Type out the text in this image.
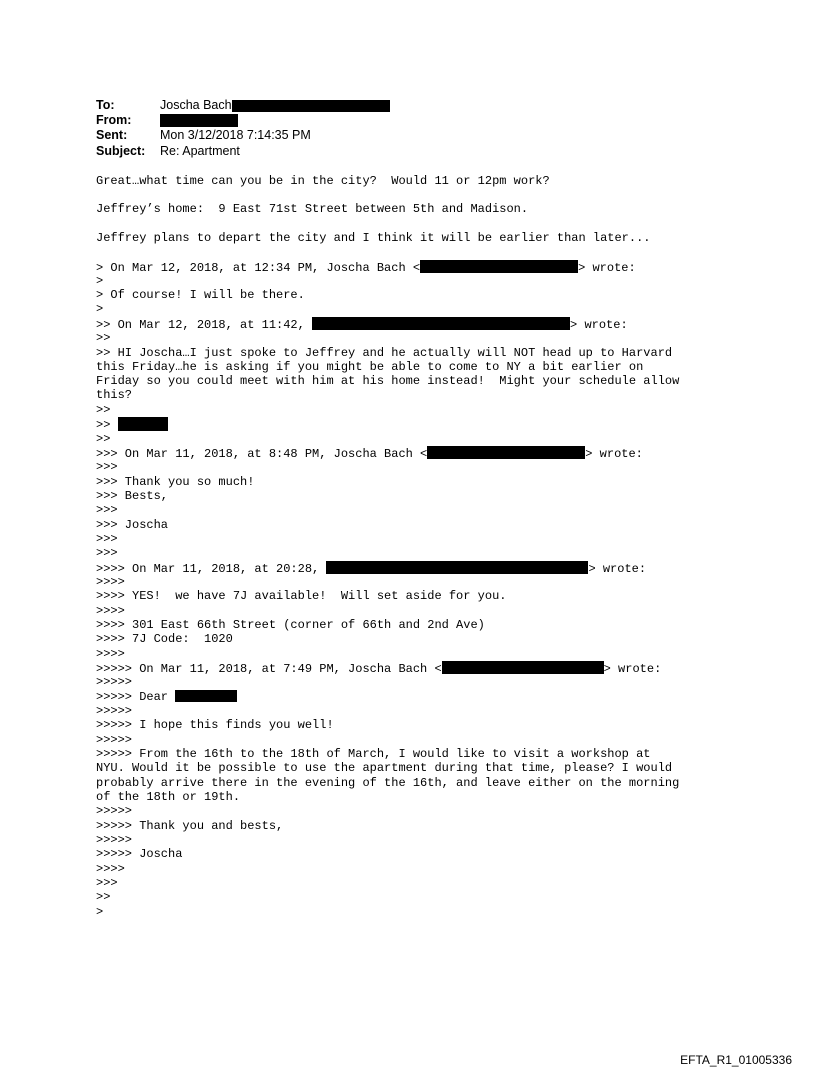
To:	Joscha Bach
From:
Sent:	Mon 3/12/2018 7:14:35 PM
Subject: Re: Apartment
Great…what time can you be in the city?  Would 11 or 12pm work?
Jeffrey’s home:  9 East 71st Street between 5th and Madison.
Jeffrey plans to depart the city and I think it will be earlier than later...
> On Mar 12, 2018, at 12:34 PM, Joscha Bach <	> wrote:
>
> Of course! I will be there.
>
>> On Mar 12, 2018, at 11:42,	> wrote:
>>
>> HI Joscha…I just spoke to Jeffrey and he actually will NOT head up to Harvard
this Friday…he is asking if you might be able to come to NY a bit earlier on
Friday so you could meet with him at his home instead!  Might your schedule allow
this?
>>
>>
>>
>>> On Mar 11, 2018, at 8:48 PM, Joscha Bach <	> wrote:
>>>
>>> Thank you so much!
>>> Bests,
>>>
>>> Joscha
>>>
>>>
>>>> On Mar 11, 2018, at 20:28,	> wrote:
>>>>
>>>> YES!  we have 7J available!  Will set aside for you.
>>>>
>>>> 301 East 66th Street (corner of 66th and 2nd Ave)
>>>> 7J Code:  1020
>>>>
>>>>> On Mar 11, 2018, at 7:49 PM, Joscha Bach <	> wrote:
>>>>>
>>>>> Dear
>>>>>
>>>>> I hope this finds you well!
>>>>>
>>>>> From the 16th to the 18th of March, I would like to visit a workshop at
NYU. Would it be possible to use the apartment during that time, please? I would
probably arrive there in the evening of the 16th, and leave either on the morning
of the 18th or 19th.
>>>>>
>>>>> Thank you and bests,
>>>>>
>>>>> Joscha
>>>>
>>>
>>
>
EFTA_R1_01005336
